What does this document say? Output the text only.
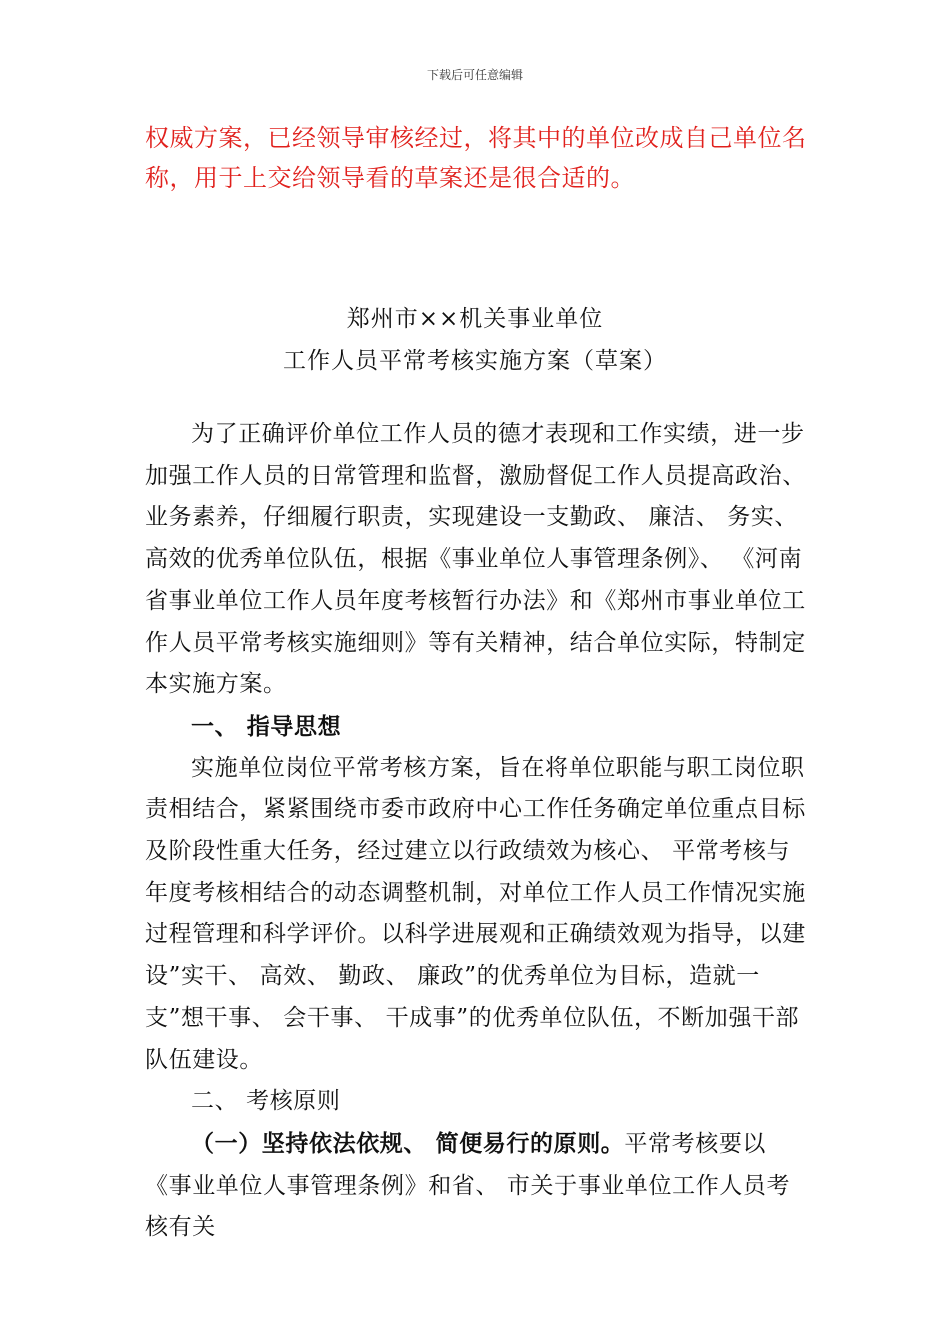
下载后可任意编辑
权威方案，已经领导审核经过，将其中的单位改成自己单位名称，用于上交给领导看的草案还是很合适的。
郑州市××机关事业单位
工作人员平常考核实施方案（草案）

为了正确评价单位工作人员的德才表现和工作实绩，进一步加强工作人员的日常管理和监督，激励督促工作人员提高政治、业务素养，仔细履行职责，实现建设一支勤政、 廉洁、 务实、高效的优秀单位队伍，根据《事业单位人事管理条例》、 《河南省事业单位工作人员年度考核暂行办法》和《郑州市事业单位工作人员平常考核实施细则》等有关精神，结合单位实际，特制定本实施方案。

一、 指导思想

实施单位岗位平常考核方案，旨在将单位职能与职工岗位职责相结合，紧紧围绕市委市政府中心工作任务确定单位重点目标及阶段性重大任务，经过建立以行政绩效为核心、 平常考核与年度考核相结合的动态调整机制，对单位工作人员工作情况实施过程管理和科学评价。以科学进展观和正确绩效观为指导，以建设”实干、 高效、 勤政、 廉政”的优秀单位为目标，造就一支”想干事、 会干事、 干成事”的优秀单位队伍，不断加强干部队伍建设。

二、 考核原则

（一）坚持依法依规、 简便易行的原则。平常考核要以《事业单位人事管理条例》和省、 市关于事业单位工作人员考核有关
